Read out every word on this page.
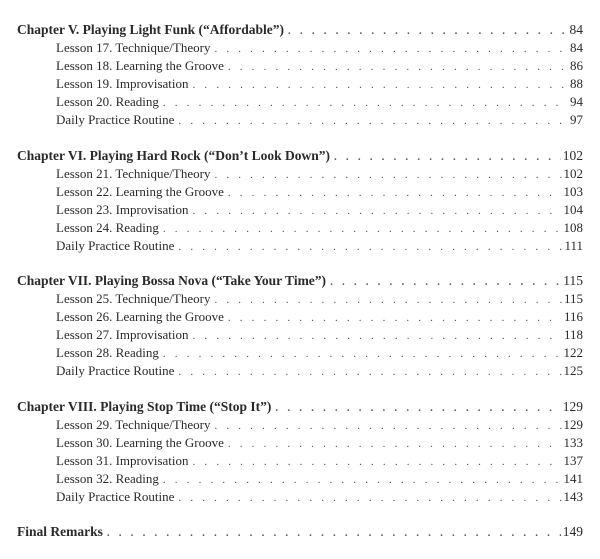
Chapter V. Playing Light Funk (“Affordable”) . . .	84
Lesson 17. Technique/Theory . . .	84
Lesson 18. Learning the Groove . . .	86
Lesson 19. Improvisation . . .	88
Lesson 20. Reading . . .	94
Daily Practice Routine . . .	97
Chapter VI. Playing Hard Rock (“Don’t Look Down”) . . .	102
Lesson 21. Technique/Theory . . .	102
Lesson 22. Learning the Groove . . .	103
Lesson 23. Improvisation . . .	104
Lesson 24. Reading . . .	108
Daily Practice Routine . . .	111
Chapter VII. Playing Bossa Nova (“Take Your Time”) . . .	115
Lesson 25. Technique/Theory . . .	115
Lesson 26. Learning the Groove . . .	116
Lesson 27. Improvisation . . .	118
Lesson 28. Reading . . .	122
Daily Practice Routine . . .	125
Chapter VIII. Playing Stop Time (“Stop It”) . . .	129
Lesson 29. Technique/Theory . . .	129
Lesson 30. Learning the Groove . . .	133
Lesson 31. Improvisation . . .	137
Lesson 32. Reading . . .	141
Daily Practice Routine . . .	143
Final Remarks . . .	149
